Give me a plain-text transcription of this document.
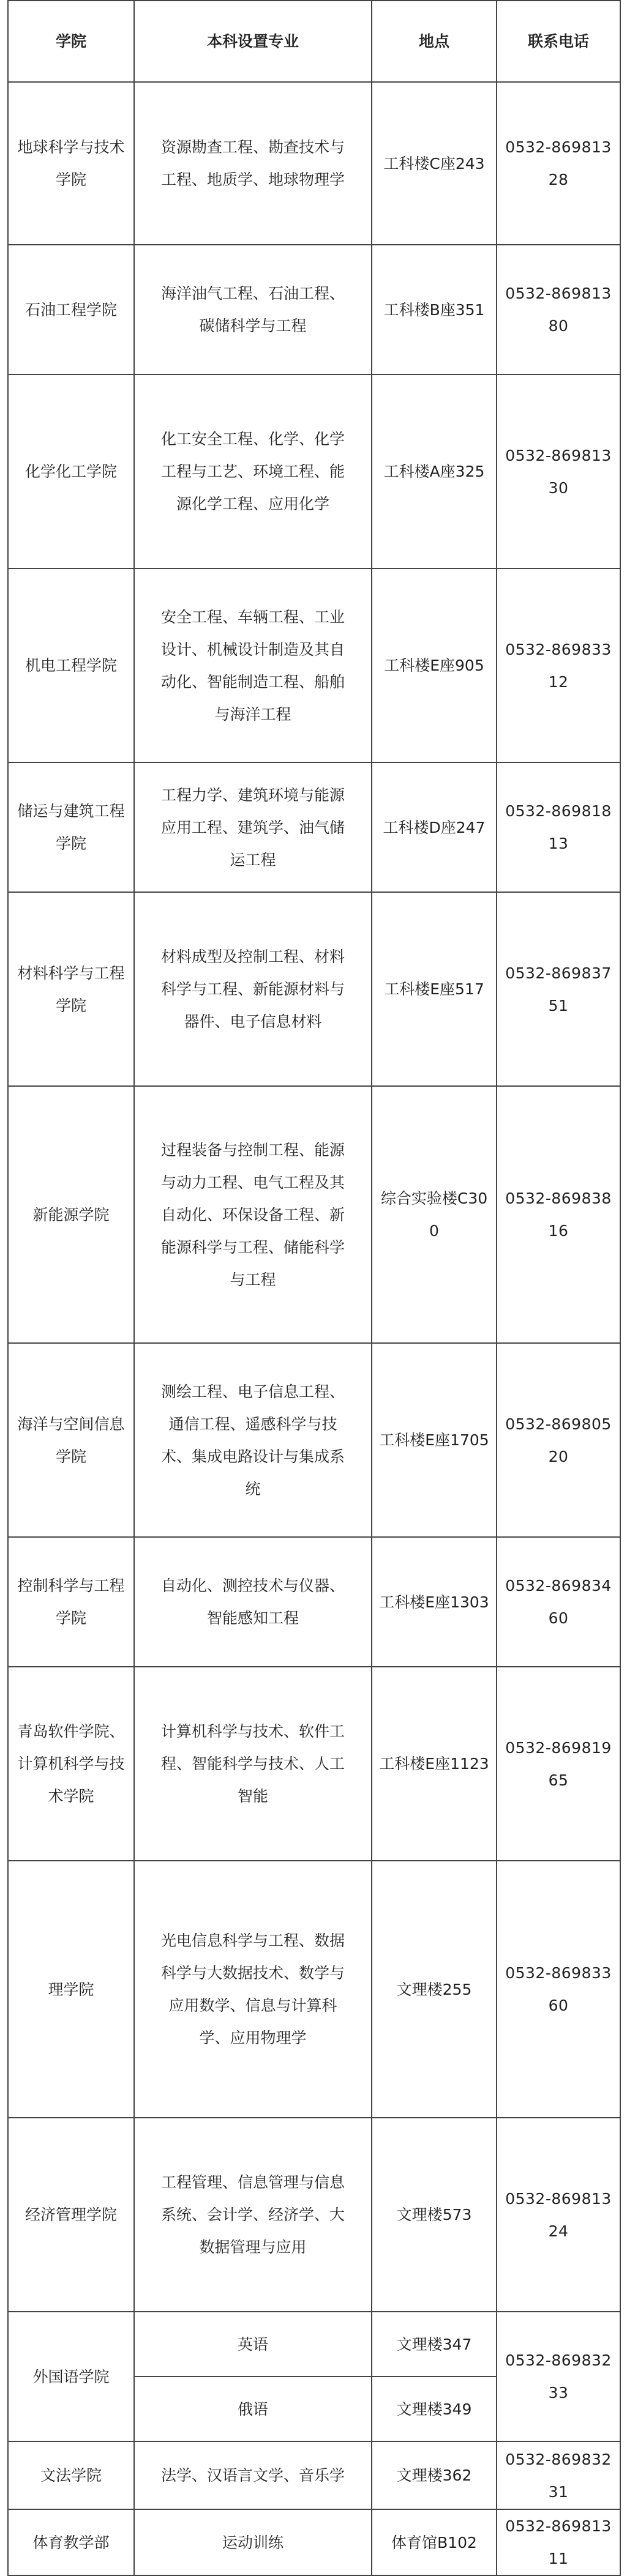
学院	本科设置专业	地点	联系电话
地球科学与技术学院	资源勘查工程、勘查技术与工程、地质学、地球物理学	工科楼C座243	0532-86981328
石油工程学院	海洋油气工程、石油工程、碳储科学与工程	工科楼B座351	0532-86981380
化学化工学院	化工安全工程、化学、化学工程与工艺、环境工程、能源化学工程、应用化学	工科楼A座325	0532-86981330
机电工程学院	安全工程、车辆工程、工业设计、机械设计制造及其自动化、智能制造工程、船舶与海洋工程	工科楼E座905	0532-86983312
储运与建筑工程学院	工程力学、建筑环境与能源应用工程、建筑学、油气储运工程	工科楼D座247	0532-86981813
材料科学与工程学院	材料成型及控制工程、材料科学与工程、新能源材料与器件、电子信息材料	工科楼E座517	0532-86983751
新能源学院	过程装备与控制工程、能源与动力工程、电气工程及其自动化、环保设备工程、新能源科学与工程、储能科学与工程	综合实验楼C300	0532-86983816
海洋与空间信息学院	测绘工程、电子信息工程、通信工程、遥感科学与技术、集成电路设计与集成系统	工科楼E座1705	0532-86980520
控制科学与工程学院	自动化、测控技术与仪器、智能感知工程	工科楼E座1303	0532-86983460
青岛软件学院、计算机科学与技术学院	计算机科学与技术、软件工程、智能科学与技术、人工智能	工科楼E座1123	0532-86981965
理学院	光电信息科学与工程、数据科学与大数据技术、数学与应用数学、信息与计算科学、应用物理学	文理楼255	0532-86983360
经济管理学院	工程管理、信息管理与信息系统、会计学、经济学、大数据管理与应用	文理楼573	0532-86981324
外国语学院	英语	文理楼347	0532-86983233
	俄语	文理楼349	
文法学院	法学、汉语言文学、音乐学	文理楼362	0532-86983231
体育教学部	运动训练	体育馆B102	0532-86981311
